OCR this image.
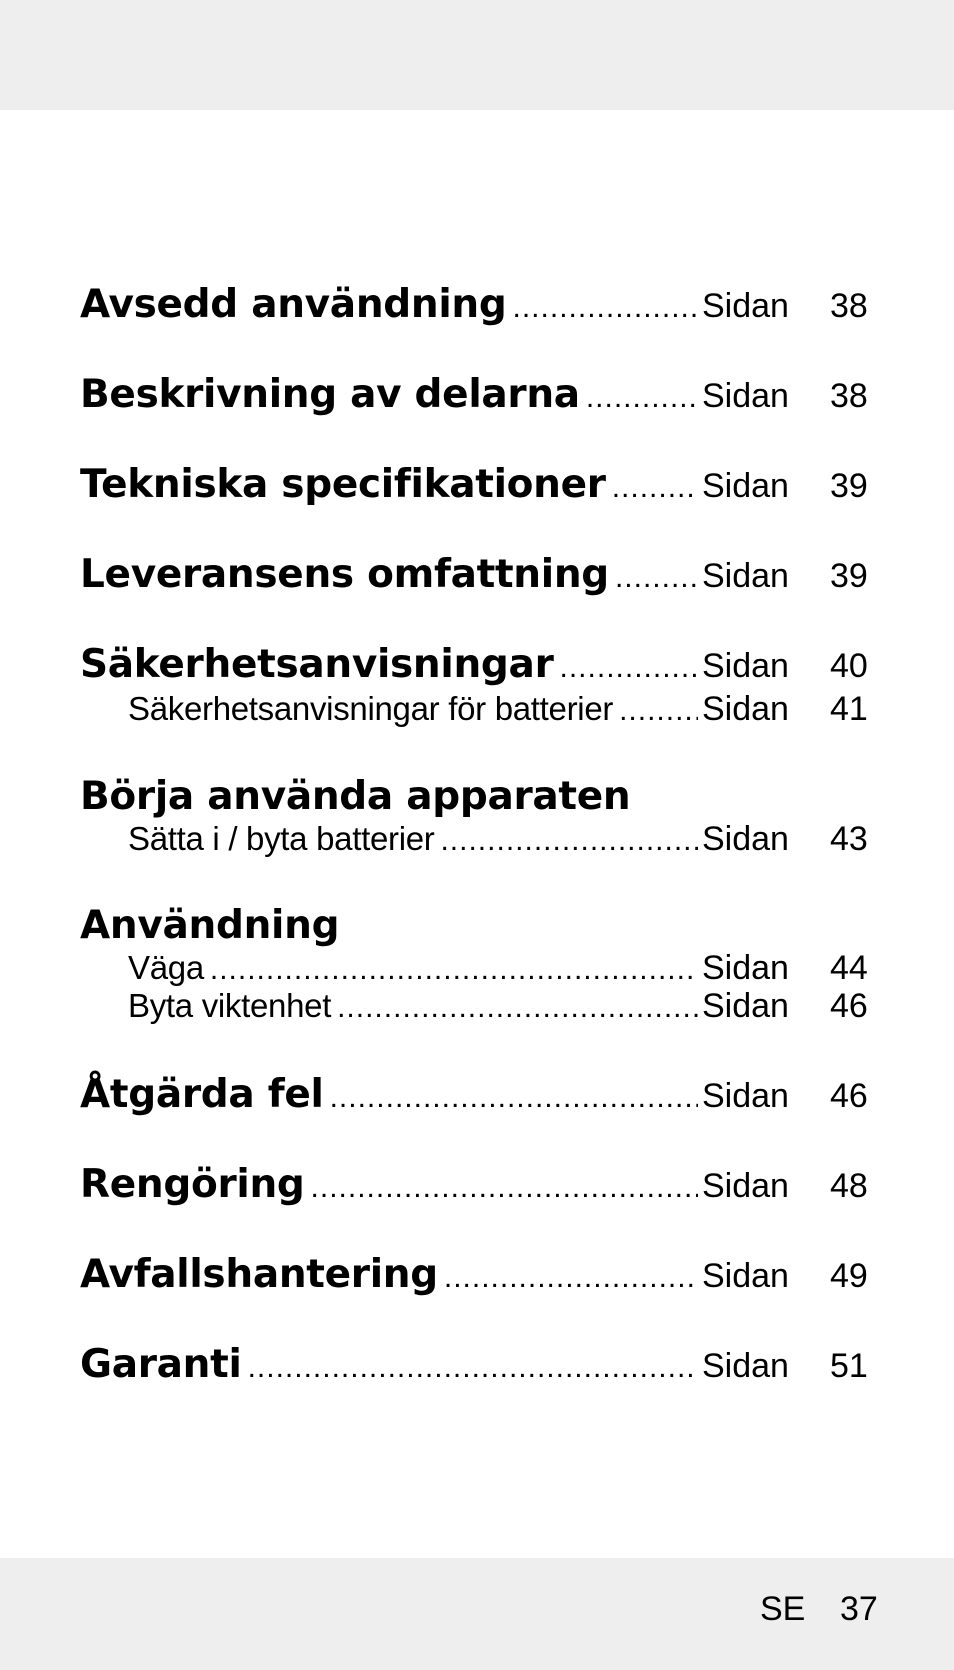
Avsedd användning .....	Sidan 38
Beskrivning av delarna .....	Sidan 38
Tekniska specifikationer .....	Sidan 39
Leveransens omfattning .....	Sidan 39
Säkerhetsanvisningar .....	Sidan 40
Säkerhetsanvisningar för batterier .....	Sidan 41
Börja använda apparaten
Sätta i / byta batterier .....	Sidan 43
Användning
Väga .....	Sidan 44
Byta viktenhet .....	Sidan 46
Åtgärda fel .....	Sidan 46
Rengöring .....	Sidan 48
Avfallshantering .....	Sidan 49
Garanti .....	Sidan 51
SE 37
